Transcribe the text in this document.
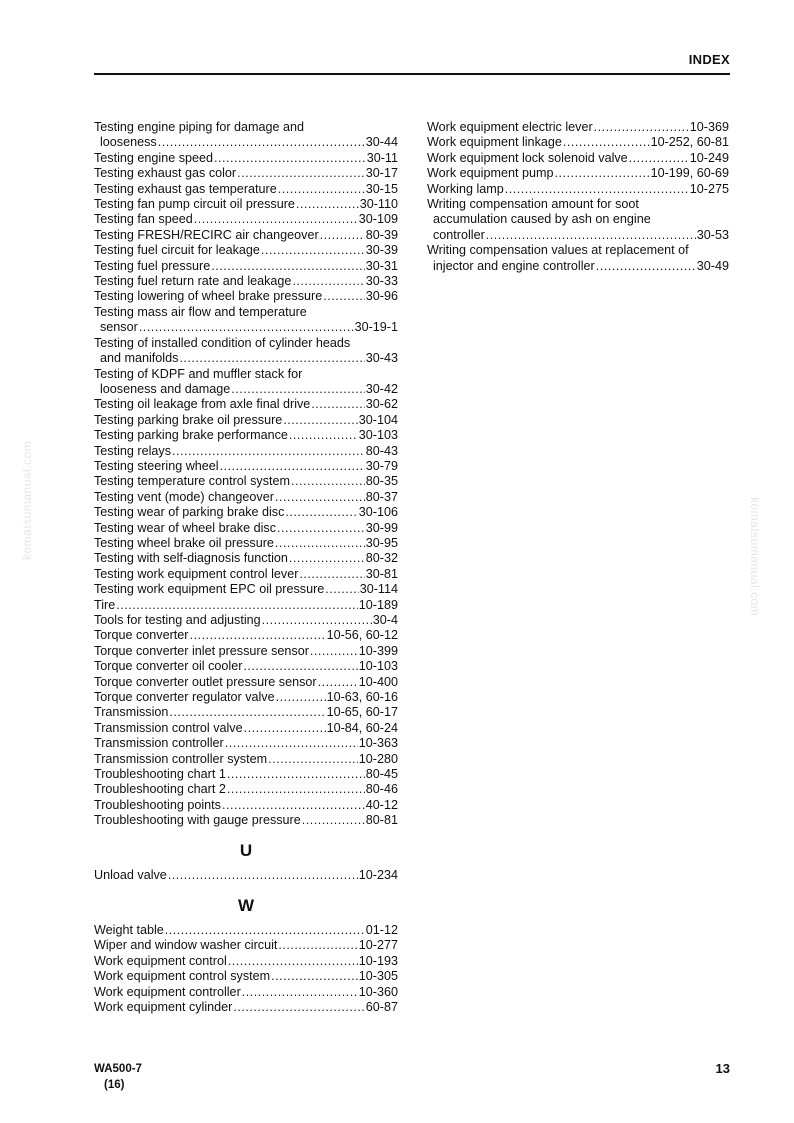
INDEX
komatsumanual.com	komatsumanual.com
Testing engine piping for damage and
looseness .....	30-44
Testing engine speed .....	30-11
Testing exhaust gas color .....	30-17
Testing exhaust gas temperature .....	30-15
Testing fan pump circuit oil pressure .....	30-110
Testing fan speed .....	30-109
Testing FRESH/RECIRC air changeover .....	80-39
Testing fuel circuit for leakage .....	30-39
Testing fuel pressure .....	30-31
Testing fuel return rate and leakage .....	30-33
Testing lowering of wheel brake pressure .....	30-96
Testing mass air flow and temperature
sensor .....	30-19-1
Testing of installed condition of cylinder heads
and manifolds .....	30-43
Testing of KDPF and muffler stack for
looseness and damage .....	30-42
Testing oil leakage from axle final drive .....	30-62
Testing parking brake oil pressure .....	30-104
Testing parking brake performance .....	30-103
Testing relays .....	80-43
Testing steering wheel .....	30-79
Testing temperature control system .....	80-35
Testing vent (mode) changeover .....	80-37
Testing wear of parking brake disc .....	30-106
Testing wear of wheel brake disc .....	30-99
Testing wheel brake oil pressure .....	30-95
Testing with self-diagnosis function .....	80-32
Testing work equipment control lever .....	30-81
Testing work equipment EPC oil pressure .....	30-114
Tire .....	10-189
Tools for testing and adjusting .....	30-4
Torque converter .....	10-56, 60-12
Torque converter inlet pressure sensor .....	10-399
Torque converter oil cooler .....	10-103
Torque converter outlet pressure sensor .....	10-400
Torque converter regulator valve .....	10-63, 60-16
Transmission .....	10-65, 60-17
Transmission control valve .....	10-84, 60-24
Transmission controller .....	10-363
Transmission controller system .....	10-280
Troubleshooting chart 1 .....	80-45
Troubleshooting chart 2 .....	80-46
Troubleshooting points .....	40-12
Troubleshooting with gauge pressure .....	80-81
U
Unload valve .....	10-234
W
Weight table .....	01-12
Wiper and window washer circuit .....	10-277
Work equipment control .....	10-193
Work equipment control system .....	10-305
Work equipment controller .....	10-360
Work equipment cylinder .....	60-87
Work equipment electric lever .....	10-369
Work equipment linkage .....	10-252, 60-81
Work equipment lock solenoid valve .....	10-249
Work equipment pump .....	10-199, 60-69
Working lamp .....	10-275
Writing compensation amount for soot
accumulation caused by ash on engine
controller .....	30-53
Writing compensation values at replacement of
injector and engine controller .....	30-49
WA500-7
(16)
13
